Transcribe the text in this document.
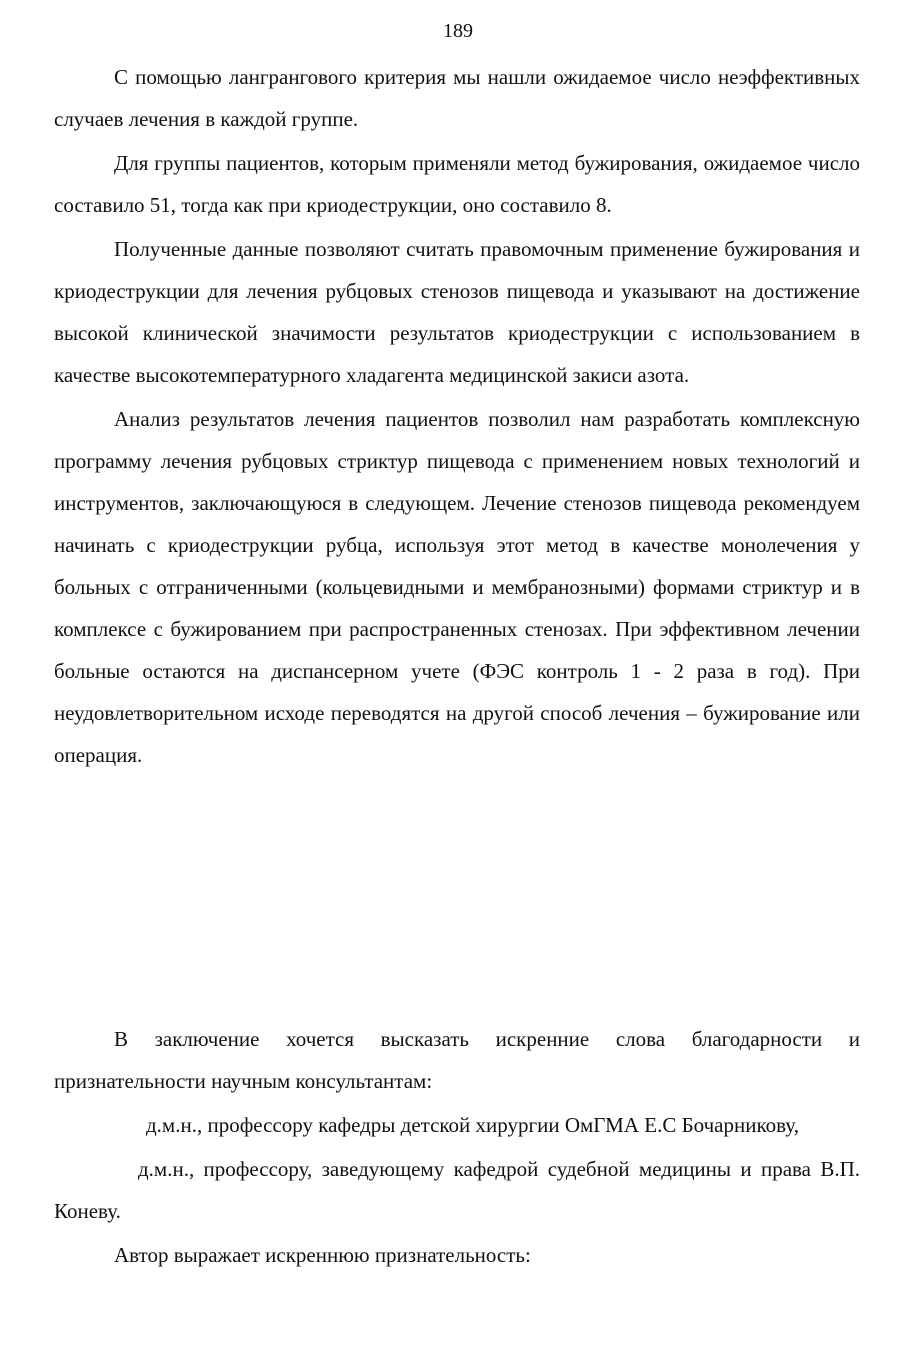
189

С помощью лангрангового критерия мы нашли ожидаемое число неэффективных случаев лечения в каждой группе.

Для группы пациентов, которым применяли метод бужирования, ожидаемое число составило 51, тогда как при криодеструкции, оно составило 8.

Полученные данные позволяют считать правомочным применение бужирования и криодеструкции для лечения рубцовых стенозов пищевода и указывают на достижение высокой клинической значимости результатов криодеструкции с использованием в качестве высокотемпературного хладагента медицинской закиси азота.

Анализ результатов лечения пациентов позволил нам разработать комплексную программу лечения рубцовых стриктур пищевода с применением новых технологий и инструментов, заключающуюся в следующем. Лечение стенозов пищевода рекомендуем начинать с криодеструкции рубца, используя этот метод в качестве монолечения у больных с отграниченными (кольцевидными и мембранозными) формами стриктур и в комплексе с бужированием при распространенных стенозах. При эффективном лечении больные остаются на диспансерном учете (ФЭС контроль 1 - 2 раза в год). При неудовлетворительном исходе переводятся на другой способ лечения – бужирование или операция.

В заключение хочется высказать искренние слова благодарности и признательности научным консультантам:

д.м.н., профессору кафедры детской хирургии ОмГМА Е.С Бочарникову,

д.м.н., профессору, заведующему кафедрой судебной медицины и права В.П. Коневу.

Автор выражает искреннюю признательность:
